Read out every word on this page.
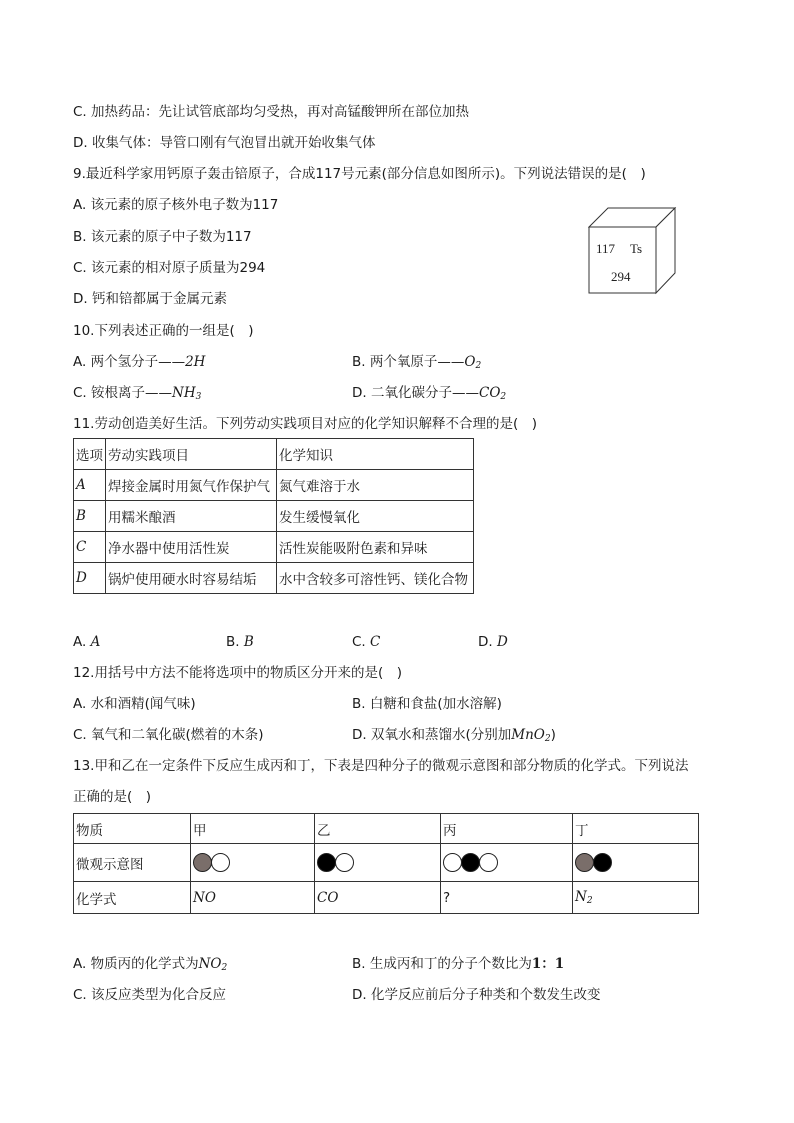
C. 加热药品：先让试管底部均匀受热，再对高锰酸钾所在部位加热
D. 收集气体：导管口刚有气泡冒出就开始收集气体
9.最近科学家用钙原子轰击锫原子，合成117号元素(部分信息如图所示)。下列说法错误的是(　)
A. 该元素的原子核外电子数为117
B. 该元素的原子中子数为117
C. 该元素的相对原子质量为294
D. 钙和锫都属于金属元素
117 Ts
294
10.下列表述正确的一组是(　)
A. 两个氢分子——2H	B. 两个氧原子$——O_2$
C. 铵根离子$——NH_3$	D. 二氧化碳分子$——CO_2$
11.劳动创造美好生活。下列劳动实践项目对应的化学知识解释不合理的是(　)
选项	劳动实践项目	化学知识
A	焊接金属时用氮气作保护气	氮气难溶于水
B	用糯米酿酒	发生缓慢氧化
C	净水器中使用活性炭	活性炭能吸附色素和异味
D	锅炉使用硬水时容易结垢	水中含较多可溶性钙、镁化合物
A. A	B. B	C. C	D. D
12.用括号中方法不能将选项中的物质区分开来的是(　)
A. 水和酒精(闻气味)	B. 白糖和食盐(加水溶解)
C. 氧气和二氧化碳(燃着的木条)	D. 双氧水和蒸馏水(分别加MnO$_2$)
13.甲和乙在一定条件下反应生成丙和丁，下表是四种分子的微观示意图和部分物质的化学式。下列说法
正确的是(　)
物质	甲	乙	丙	丁
微观示意图				
化学式	NO	CO	?	$N_2$
A. 物质丙的化学式为$NO_2$	B. 生成丙和丁的分子个数比为1：1
C. 该反应类型为化合反应	D. 化学反应前后分子种类和个数发生改变
